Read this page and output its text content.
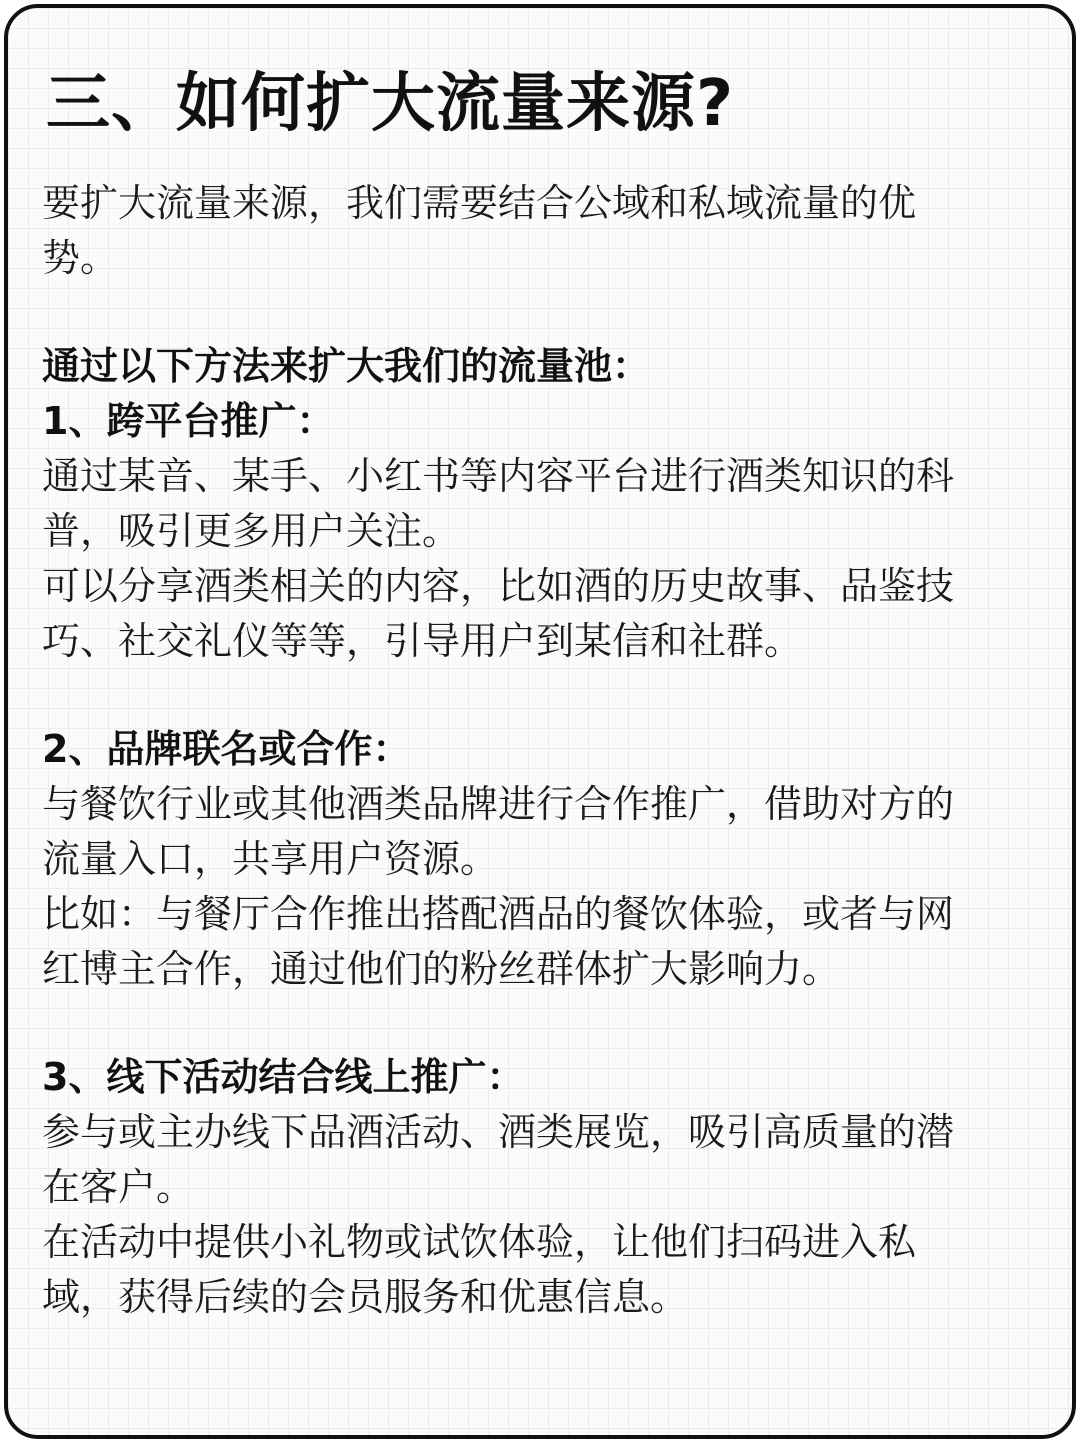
三、如何扩大流量来源?
要扩大流量来源，我们需要结合公域和私域流量的优
势。
通过以下方法来扩大我们的流量池：
1、跨平台推广：
通过某音、某手、小红书等内容平台进行酒类知识的科
普，吸引更多用户关注。
可以分享酒类相关的内容，比如酒的历史故事、品鉴技
巧、社交礼仪等等，引导用户到某信和社群。
2、品牌联名或合作：
与餐饮行业或其他酒类品牌进行合作推广，借助对方的
流量入口，共享用户资源。
比如：与餐厅合作推出搭配酒品的餐饮体验，或者与网
红博主合作，通过他们的粉丝群体扩大影响力。
3、线下活动结合线上推广：
参与或主办线下品酒活动、酒类展览，吸引高质量的潜
在客户。
在活动中提供小礼物或试饮体验，让他们扫码进入私
域，获得后续的会员服务和优惠信息。
